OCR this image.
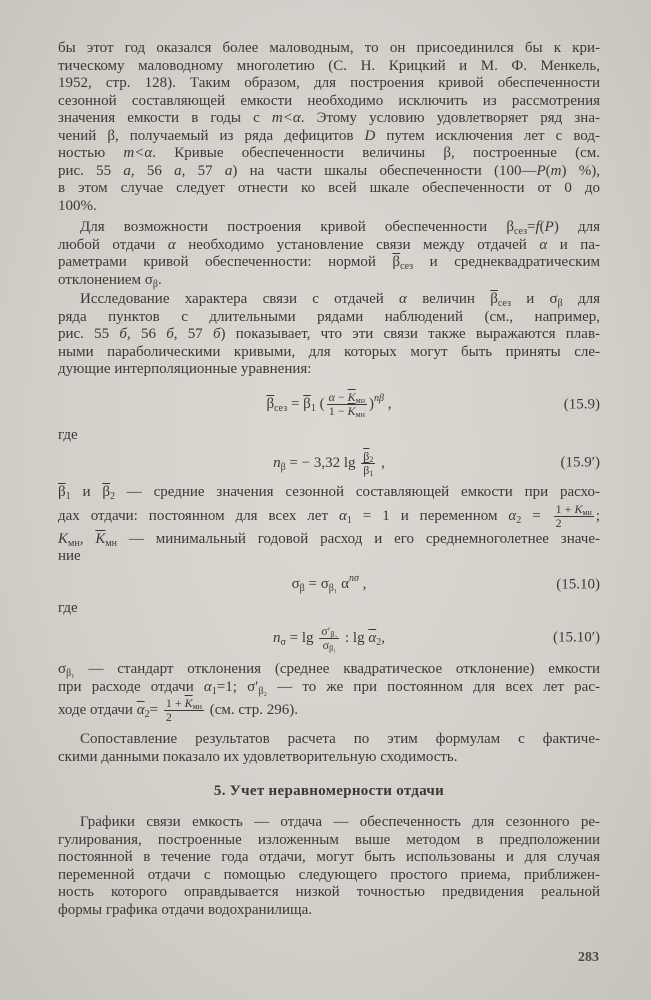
бы этот год оказался более маловодным, то он присоединился бы к кри-
тическому маловодному многолетию (С. Н. Крицкий и М. Ф. Менкель,
1952, стр. 128). Таким образом, для построения кривой обеспеченности
сезонной составляющей емкости необходимо исключить из рассмотрения
значения емкости в годы с m<α. Этому условию удовлетворяет ряд зна-
чений β, получаемый из ряда дефицитов D путем исключения лет с вод-
ностью m<α. Кривые обеспеченности величины β, построенные (см.
рис. 55 а, 56 а, 57 а) на части шкалы обеспеченности (100—P(m) %),
в этом случае следует отнести ко всей шкале обеспеченности от 0 до
100%.
Для возможности построения кривой обеспеченности $\beta_{сез}=f(P)$ для
любой отдачи α необходимо установление связи между отдачей α и па-
раметрами кривой обеспеченности: нормой $\overline{\beta}_{сез}$ и среднеквадратическим
отклонением $\sigma_\beta$.
Исследование характера связи с отдачей α величин $\overline{\beta}_{сез}$ и $\sigma_\beta$ для
ряда пунктов с длительными рядами наблюдений (см., например,
рис. 55 б, 56 б, 57 б) показывает, что эти связи также выражаются плав-
ными параболическими кривыми, для которых могут быть приняты сле-
дующие интерполяционные уравнения:
$\overline{\beta}_{сез} = \overline{\beta}_1$ ( $\frac{\alpha - \overline{K}_{мн}}{1 - \overline{K}_{мн}} )^{n\beta}$ ,	(15.9)
где
$n_\beta$ = − 3,32 $\lg \frac{\overline{\beta}_2}{\overline{\beta}_1}$ ,	(15.9′)
$\overline{\beta}_1$ и $\overline{\beta}_2$ — средние значения сезонной составляющей емкости при расхо-
дах отдачи: постоянном для всех лет $\alpha_1 = 1$ и переменном $\alpha_2 = \frac{1 + K_{мн}}{2}$ ;
$K_{мн}$, $\overline{K}_{мн}$ — минимальный годовой расход и его среднемноголетнее значе-
ние
$\sigma_\beta = \sigma_{\beta_1}$ $\alpha^{n\sigma}$ ,	(15.10)
где
$n_\sigma = \lg \frac{\sigma'_{\beta_2}}{\sigma_{\beta_1}}$ : $\lg \overline{\alpha}_2$,	(15.10′)
$\sigma_{\beta_1}$ — стандарт отклонения (среднее квадратическое отклонение) емкости
при расходе отдачи $\alpha_1=1$; $\sigma'_{\beta_2}$ — то же при постоянном для всех лет рас-
ходе отдачи $\overline{\alpha}_2= \frac{1 + \overline{K}_{мн}}{2} (см$. стр. 296).
Сопоставление результатов расчета по этим формулам с фактиче-
скими данными показало их удовлетворительную сходимость.
5. Учет неравномерности отдачи
Графики связи емкость — отдача — обеспеченность для сезонного ре-
гулирования, построенные изложенным выше методом в предположении
постоянной в течение года отдачи, могут быть использованы и для случая
переменной отдачи с помощью следующего простого приема, приближен-
ность которого оправдывается низкой точностью предвидения реальной
формы графика отдачи водохранилища.
283
